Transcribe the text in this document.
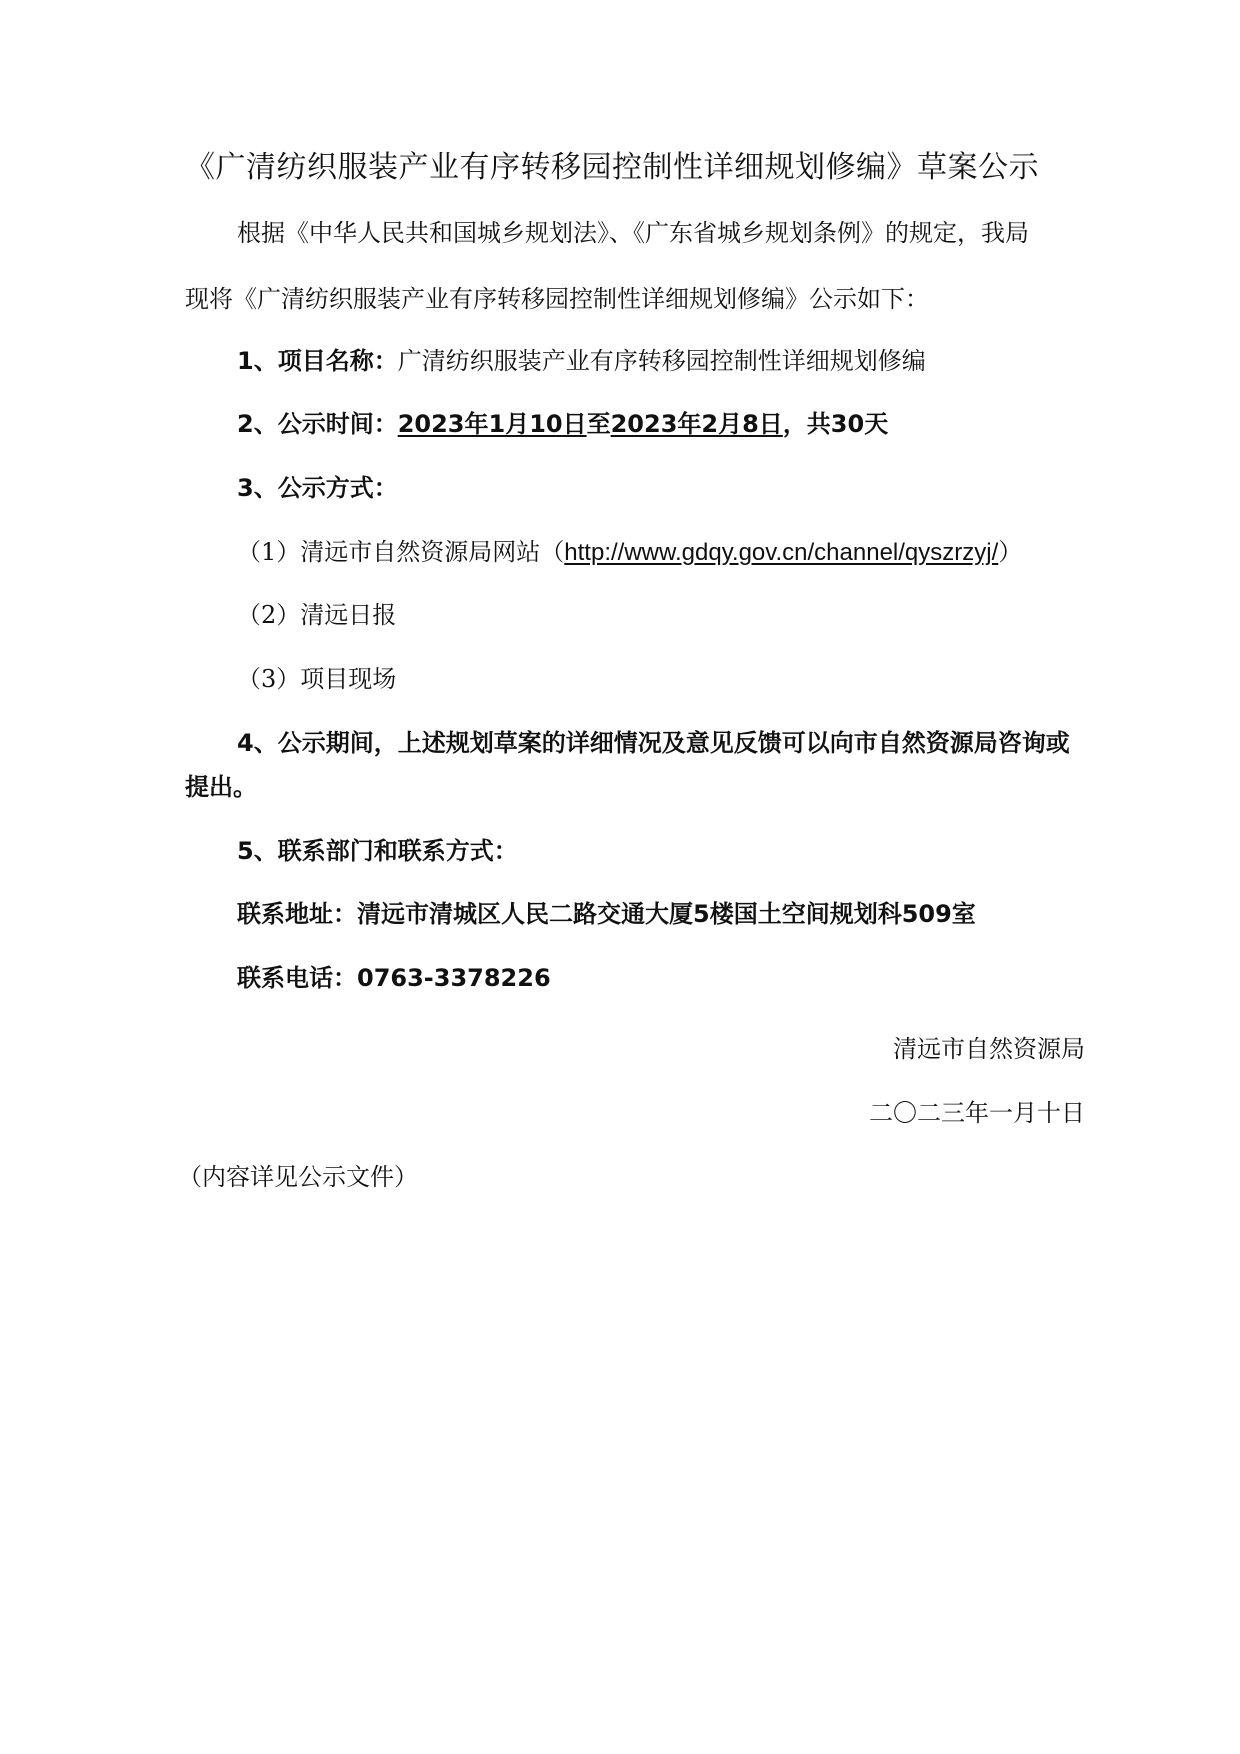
《广清纺织服装产业有序转移园控制性详细规划修编》草案公示
根据《中华人民共和国城乡规划法》、《广东省城乡规划条例》的规定，我局
现将《广清纺织服装产业有序转移园控制性详细规划修编》公示如下：
1、项目名称：广清纺织服装产业有序转移园控制性详细规划修编
2、公示时间：2023年1月10日至2023年2月8日，共30天
3、公示方式：
（1）清远市自然资源局网站（http://www.gdqy.gov.cn/channel/qyszrzyj/）
（2）清远日报
（3）项目现场
4、公示期间，上述规划草案的详细情况及意见反馈可以向市自然资源局咨询或
提出。
5、联系部门和联系方式：
联系地址：清远市清城区人民二路交通大厦5楼国土空间规划科509室
联系电话：0763-3378226
清远市自然资源局
二〇二三年一月十日
（内容详见公示文件）
